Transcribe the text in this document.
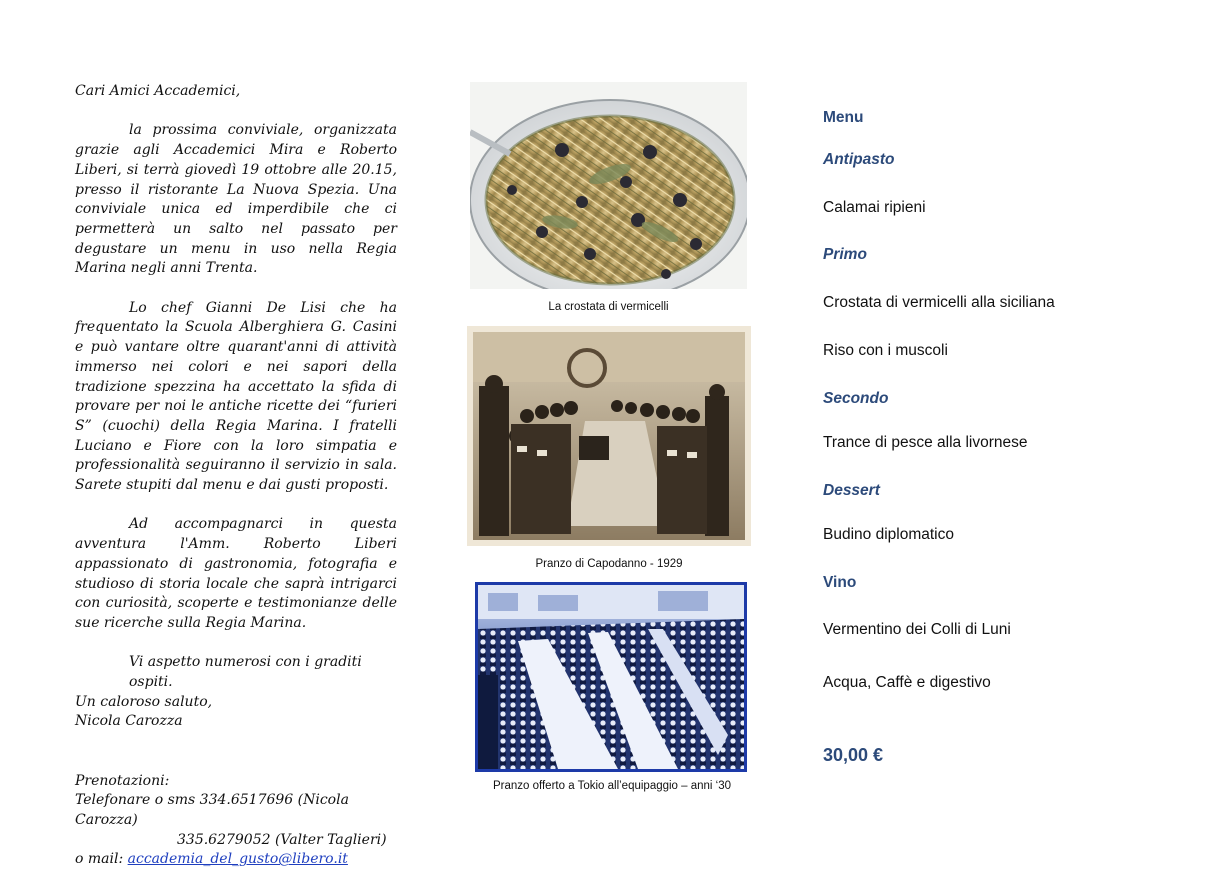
Cari Amici Accademici,

la prossima conviviale, organizzata grazie agli Accademici Mira e Roberto Liberi, si terrà giovedì 19 ottobre alle 20.15, presso il ristorante La Nuova Spezia. Una conviviale unica ed imperdibile che ci permetterà un salto nel passato per degustare un menu in uso nella Regia Marina negli anni Trenta.

Lo chef Gianni De Lisi che ha frequentato la Scuola Alberghiera G. Casini e può vantare oltre quarant'anni di attività immerso nei colori e nei sapori della tradizione spezzina ha accettato la sfida di provare per noi le antiche ricette dei “furieri S” (cuochi) della Regia Marina. I fratelli Luciano e Fiore con la loro simpatia e professionalità seguiranno il servizio in sala. Sarete stupiti dal menu e dai gusti proposti.

Ad accompagnarci in questa avventura l'Amm. Roberto Liberi appassionato di gastronomia, fotografia e studioso di storia locale che saprà intrigarci con curiosità, scoperte e testimonianze delle sue ricerche sulla Regia Marina.

Vi aspetto numerosi con i graditi ospiti.

Un caloroso saluto,

Nicola Carozza

Prenotazioni:

Telefonare o sms 334.6517696 (Nicola Carozza)

335.6279052 (Valter Taglieri)

o mail: accademia_del_gusto@libero.it

La crostata di vermicelli
Pranzo di Capodanno - 1929
Pranzo offerto a Tokio all’equipaggio – anni ‘30
Menu
Antipasto
Calamai ripieni
Primo
Crostata di vermicelli alla siciliana
Riso con i muscoli
Secondo
Trance di pesce alla livornese
Dessert
Budino diplomatico
Vino
Vermentino dei Colli di Luni
Acqua, Caffè e digestivo
30,00 €
